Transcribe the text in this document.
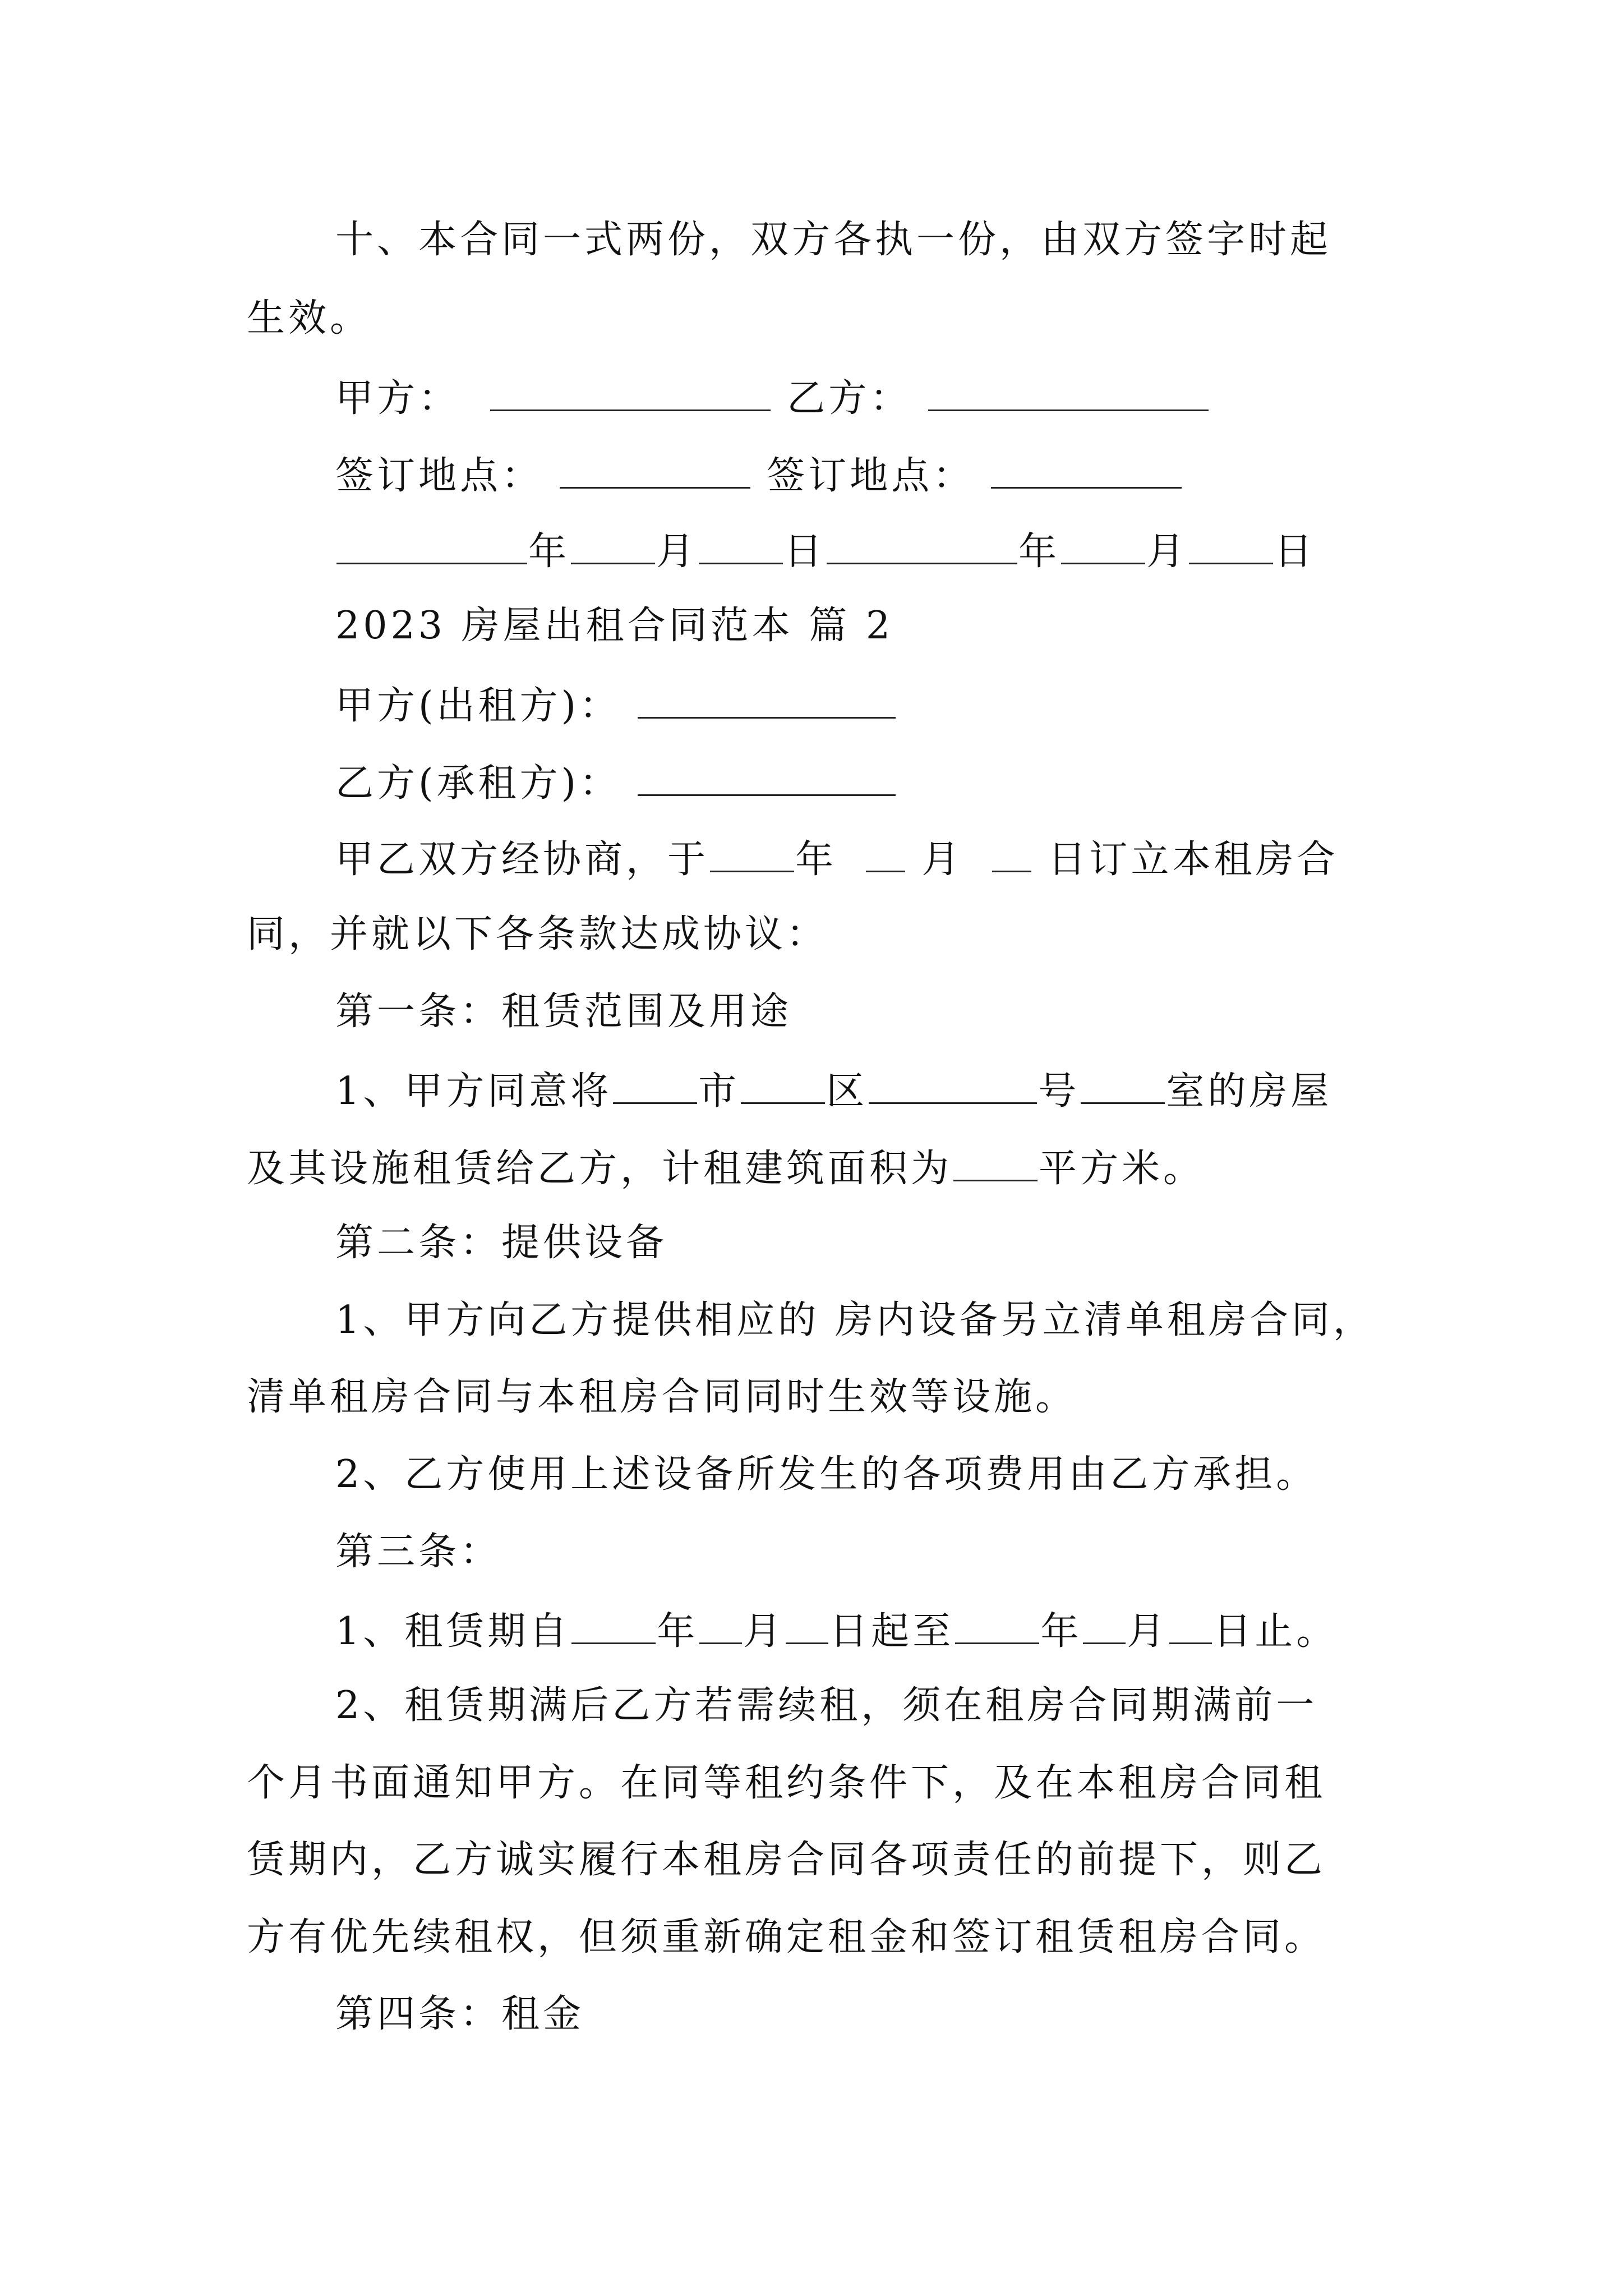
十、本合同一式两份，双方各执一份，由双方签字时起
生效。
甲方：	乙方：
签订地点：	签订地点：
年 月 日	年 月 日
2023 房屋出租合同范本 篇 2
甲方(出租方)：
乙方(承租方)：
甲乙双方经协商，于 年 月 日订立本租房合
同，并就以下各条款达成协议：
第一条：租赁范围及用途
1、甲方同意将 市 区	号 室的房屋
及其设施租赁给乙方，计租建筑面积为 平方米。
第二条：提供设备
1、甲方向乙方提供相应的 房内设备另立清单租房合同，
清单租房合同与本租房合同同时生效等设施。
2、乙方使用上述设备所发生的各项费用由乙方承担。
第三条：
1、租赁期自 年 月 日起至 年 月 日止。
2、租赁期满后乙方若需续租，须在租房合同期满前一
个月书面通知甲方。在同等租约条件下，及在本租房合同租
赁期内，乙方诚实履行本租房合同各项责任的前提下，则乙
方有优先续租权，但须重新确定租金和签订租赁租房合同。
第四条：租金
